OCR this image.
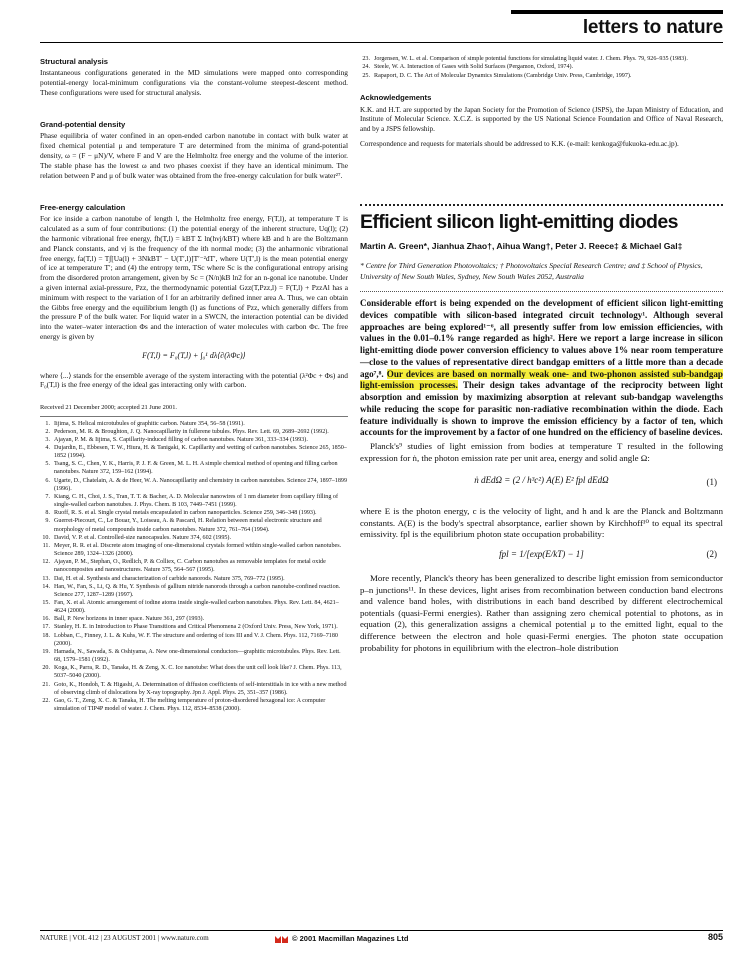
letters to nature
Structural analysis

Instantaneous configurations generated in the MD simulations were mapped onto corresponding potential-energy local-minimum configurations via the constant-volume steepest-descent method. These configurations were used for structural analysis.

Grand-potential density

Phase equilibria of water confined in an open-ended carbon nanotube in contact with bulk water at fixed chemical potential μ and temperature T are determined from the minima of grand-potential density, ω = (F − μN)/V, where F and V are the Helmholtz free energy and the volume of the interior. The stable phase has the lowest ω and two phases coexist if they have an identical minimum. The relation between P and μ of bulk water was obtained from the free-energy calculation for bulk water²⁷.

Free-energy calculation

For ice inside a carbon nanotube of length l, the Helmholtz free energy, F(T,l), at temperature T is calculated as a sum of four contributions: (1) the potential energy of the inherent structure, Uq(l); (2) the harmonic vibrational free energy, fh(T,l) = kBT Σ ln(hνj/kBT) where kB and h are the Boltzmann and Planck constants, and νj is the frequency of the ith normal mode; (3) the anharmonic vibrational free energy, fa(T,l) = T∫[Ua(l) + 3NkBT′ − U(T′,l)]T′⁻²dT′, where U(T′,l) is the mean potential energy of ice at temperature T′; and (4) the entropy term, TSc where Sc is the configurational entropy arising from the disordered proton arrangement, given by Sc = (N/n)kB ln2 for an n-gonal ice nanotube. Under a given internal axial-pressure, Pzz, the thermodynamic potential Gzz(T,Pzz,l) = F(T,l) + PzzAl has a minimum with respect to the variation of l for an arbitrarily defined inner area A. Thus, we can obtain the Gibbs free energy and the equilibrium length (l) as functions of Pzz, which generally differs from the pressure P of the bulk water. For liquid water in a SWCN, the interaction potential can be divided into the water–water interaction Φs and the interaction of water molecules with carbon Φc. The free energy is given by

F(T,l) = F₀(T,l) + ∫₀¹ dλ⟨∂(λΦc)⟩

where ⟨...⟩ stands for the ensemble average of the system interacting with the potential (λ²Φc + Φs) and F₀(T,l) is the free energy of the ideal gas interacting only with carbon.

Received 21 December 2000; accepted 21 June 2001.
1. Iijima, S. Helical microtubules of graphitic carbon. Nature 354, 56–58 (1991).
2. Pederson, M. R. & Broughton, J. Q. Nanocapillarity in fullerene tubules. Phys. Rev. Lett. 69, 2689–2692 (1992).
3. Ajayan, P. M. & Iijima, S. Capillarity-induced filling of carbon nanotubes. Nature 361, 333–334 (1993).
4. Dujardin, E., Ebbesen, T. W., Hiura, H. & Tanigaki, K. Capillarity and wetting of carbon nanotubes. Science 265, 1850–1852 (1994).
5. Tsang, S. C., Chen, Y. K., Harris, P. J. F. & Green, M. L. H. A simple chemical method of opening and filling carbon nanotubes. Nature 372, 159–162 (1994).
6. Ugarte, D., Chatelain, A. & de Heer, W. A. Nanocapillarity and chemistry in carbon nanotubes. Science 274, 1897–1899 (1996).
7. Kiang, C. H., Choi, J. S., Tran, T. T. & Bacher, A. D. Molecular nanowires of 1 nm diameter from capillary filling of single-walled carbon nanotubes. J. Phys. Chem. B 103, 7449–7451 (1999).
8. Ruoff, R. S. et al. Single crystal metals encapsulated in carbon nanoparticles. Science 259, 346–348 (1993).
9. Guerret-Piecourt, C., Le Bouar, Y., Loiseau, A. & Pascard, H. Relation between metal electronic structure and morphology of metal compounds inside carbon nanotubes. Nature 372, 761–764 (1994).
10. David, V. P. et al. Controlled-size nanocapsules. Nature 374, 602 (1995).
11. Meyer, R. R. et al. Discrete atom imaging of one-dimensional crystals formed within single-walled carbon nanotubes. Science 289, 1324–1326 (2000).
12. Ajayan, P. M., Stephan, O., Redlich, P. & Colliex, C. Carbon nanotubes as removable templates for metal oxide nanocomposites and nanostructures. Nature 375, 564–567 (1995).
13. Dai, H. et al. Synthesis and characterization of carbide nanorods. Nature 375, 769–772 (1995).
14. Han, W., Fan, S., Li, Q. & Hu, Y. Synthesis of gallium nitride nanorods through a carbon nanotube-confined reaction. Science 277, 1287–1289 (1997).
15. Fan, X. et al. Atomic arrangement of iodine atoms inside single-walled carbon nanotubes. Phys. Rev. Lett. 84, 4621–4624 (2000).
16. Ball, P. New horizons in inner space. Nature 361, 297 (1993).
17. Stanley, H. E. in Introduction to Phase Transitions and Critical Phenomena 2 (Oxford Univ. Press, New York, 1971).
18. Lobban, C., Finney, J. L. & Kuhs, W. F. The structure and ordering of ices III and V. J. Chem. Phys. 112, 7169–7180 (2000).
19. Hamada, N., Sawada, S. & Oshiyama, A. New one-dimensional conductors—graphitic microtubules. Phys. Rev. Lett. 68, 1579–1581 (1992).
20. Koga, K., Parra, R. D., Tanaka, H. & Zeng, X. C. Ice nanotube: What does the unit cell look like? J. Chem. Phys. 113, 5037–5040 (2000).
21. Goto, K., Hondoh, T. & Higashi, A. Determination of diffusion coefficients of self-interstitials in ice with a new method of observing climb of dislocations by X-ray topography. Jpn J. Appl. Phys. 25, 351–357 (1986).
22. Gao, G. T., Zeng, X. C. & Tanaka, H. The melting temperature of proton-disordered hexagonal ice: A computer simulation of TIP4P model of water. J. Chem. Phys. 112, 8534–8538 (2000).
23. Jorgensen, W. L. et al. Comparison of simple potential functions for simulating liquid water. J. Chem. Phys. 79, 926–935 (1983).
24. Steele, W. A. Interaction of Gases with Solid Surfaces (Pergamon, Oxford, 1974).
25. Rapaport, D. C. The Art of Molecular Dynamics Simulations (Cambridge Univ. Press, Cambridge, 1997).
Acknowledgements

K.K. and H.T. are supported by the Japan Society for the Promotion of Science (JSPS), the Japan Ministry of Education, and Institute of Molecular Science. X.C.Z. is supported by the US National Science Foundation and Office of Naval Research, and by a JSPS fellowship.

Correspondence and requests for materials should be addressed to K.K. (e-mail: kenkoga@fukuoka-edu.ac.jp).

Efficient silicon light-emitting diodes
Martin A. Green*, Jianhua Zhao†, Aihua Wang†, Peter J. Reece‡ & Michael Gal‡
* Centre for Third Generation Photovoltaics; † Photovoltaics Special Research Centre; and ‡ School of Physics, University of New South Wales, Sydney, New South Wales 2052, Australia

Considerable effort is being expended on the development of efficient silicon light-emitting devices compatible with silicon-based integrated circuit technology¹. Although several approaches are being explored¹⁻⁶, all presently suffer from low emission efficiencies, with values in the 0.01–0.1% range regarded as high². Here we report a large increase in silicon light-emitting diode power conversion efficiency to values above 1% near room temperature—close to the values of representative direct bandgap emitters of a little more than a decade ago⁷,⁸. Our devices are based on normally weak one- and two-phonon assisted sub-bandgap light-emission processes. Their design takes advantage of the reciprocity between light absorption and emission by maximizing absorption at relevant sub-bandgap wavelengths while reducing the scope for parasitic non-radiative recombination within the diode. Each feature individually is shown to improve the emission efficiency by a factor of ten, which accounts for the improvement by a factor of one hundred on the efficiency of baseline devices.

Planck's⁹ studies of light emission from bodies at temperature T resulted in the following expression for ṅ, the photon emission rate per unit area, energy and solid angle Ω:

ṅ dEdΩ = (2 / h³c²) A(E) E² fpl dEdΩ	(1)

where E is the photon energy, c is the velocity of light, and h and k are the Planck and Boltzmann constants. A(E) is the body's spectral absorptance, earlier shown by Kirchhoff¹⁰ to equal its spectral emissivity. fpl is the equilibrium photon state occupation probability:

fpl = 1/[exp(E/kT) − 1]	(2)

More recently, Planck's theory has been generalized to describe light emission from semiconductor p–n junctions¹¹. In these devices, light arises from recombination between conduction band electrons and valence band holes, with distributions in each band described by different electrochemical potentials (quasi-Fermi energies). Rather than assigning zero chemical potential to photons, as in equation (2), this generalization assigns a chemical potential μ to the emitted light, equal to the difference between the electron and hole quasi-Fermi energies. The photon state occupation probability for photons in equilibrium with the electron–hole distribution

NATURE | VOL 412 | 23 AUGUST 2001 | www.nature.com	© 2001 Macmillan Magazines Ltd	805
